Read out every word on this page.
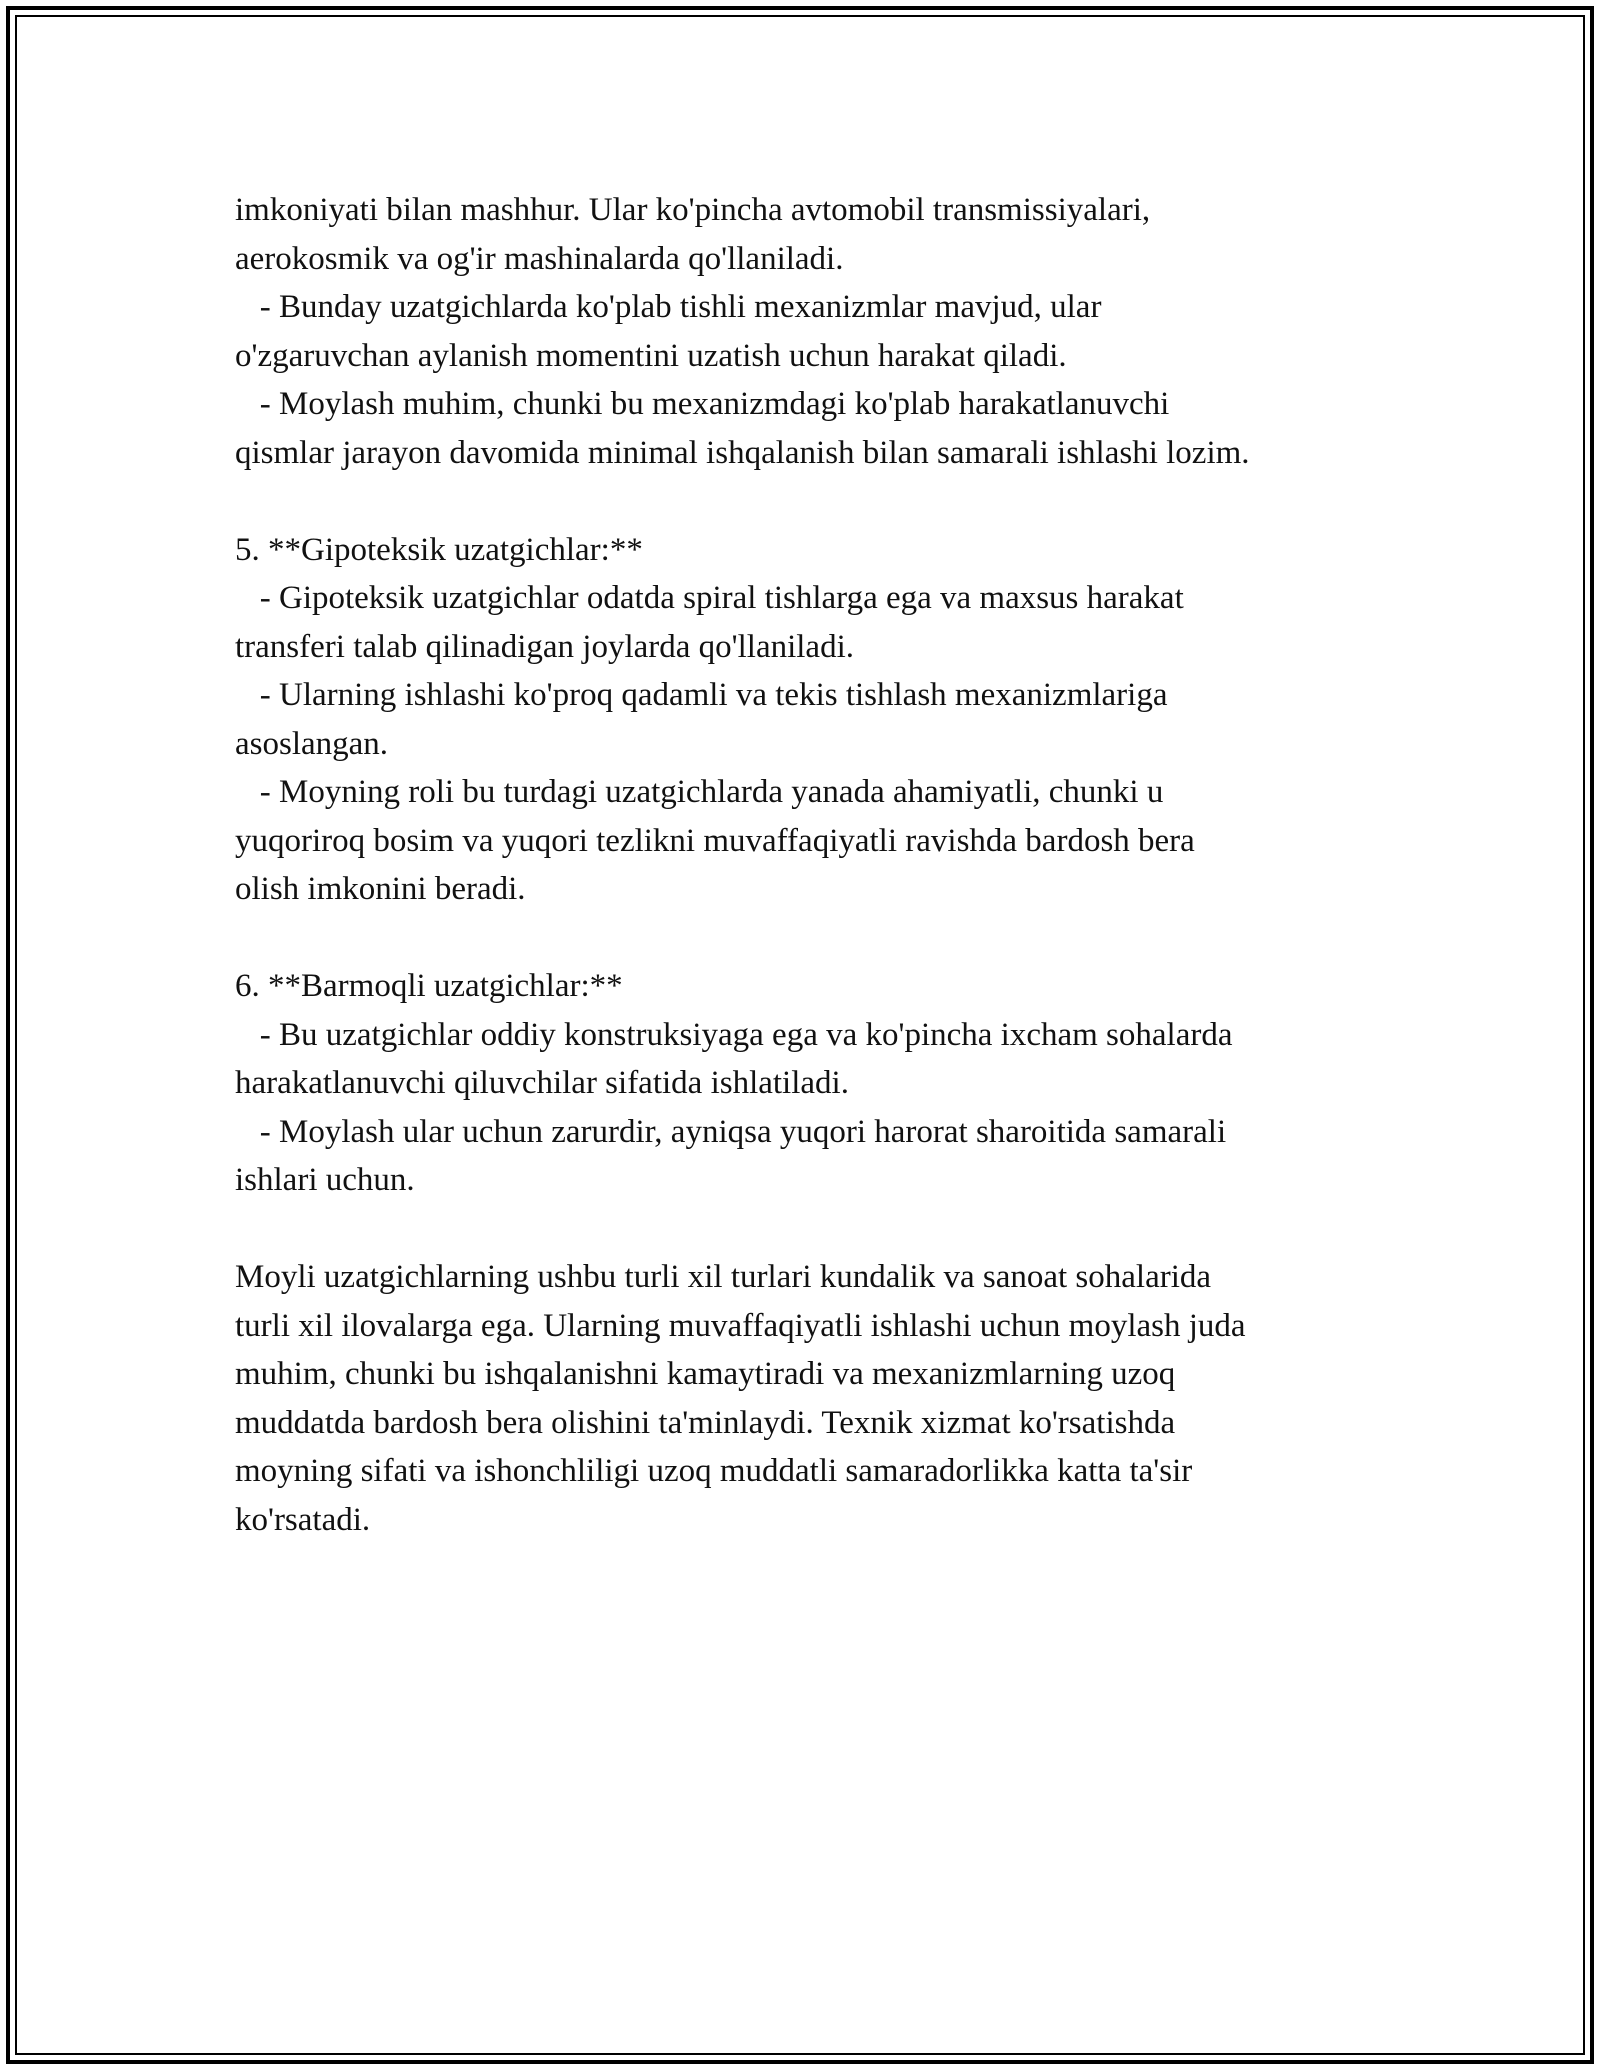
imkoniyati bilan mashhur. Ular ko'pincha avtomobil transmissiyalari,
aerokosmik va og'ir mashinalarda qo'llaniladi.
- Bunday uzatgichlarda ko'plab tishli mexanizmlar mavjud, ular
o'zgaruvchan aylanish momentini uzatish uchun harakat qiladi.
- Moylash muhim, chunki bu mexanizmdagi ko'plab harakatlanuvchi
qismlar jarayon davomida minimal ishqalanish bilan samarali ishlashi lozim.
5. **Gipoteksik uzatgichlar:**
- Gipoteksik uzatgichlar odatda spiral tishlarga ega va maxsus harakat
transferi talab qilinadigan joylarda qo'llaniladi.
- Ularning ishlashi ko'proq qadamli va tekis tishlash mexanizmlariga
asoslangan.
- Moyning roli bu turdagi uzatgichlarda yanada ahamiyatli, chunki u
yuqoriroq bosim va yuqori tezlikni muvaffaqiyatli ravishda bardosh bera
olish imkonini beradi.
6. **Barmoqli uzatgichlar:**
- Bu uzatgichlar oddiy konstruksiyaga ega va ko'pincha ixcham sohalarda
harakatlanuvchi qiluvchilar sifatida ishlatiladi.
- Moylash ular uchun zarurdir, ayniqsa yuqori harorat sharoitida samarali
ishlari uchun.
Moyli uzatgichlarning ushbu turli xil turlari kundalik va sanoat sohalarida
turli xil ilovalarga ega. Ularning muvaffaqiyatli ishlashi uchun moylash juda
muhim, chunki bu ishqalanishni kamaytiradi va mexanizmlarning uzoq
muddatda bardosh bera olishini ta'minlaydi. Texnik xizmat ko'rsatishda
moyning sifati va ishonchliligi uzoq muddatli samaradorlikka katta ta'sir
ko'rsatadi.
